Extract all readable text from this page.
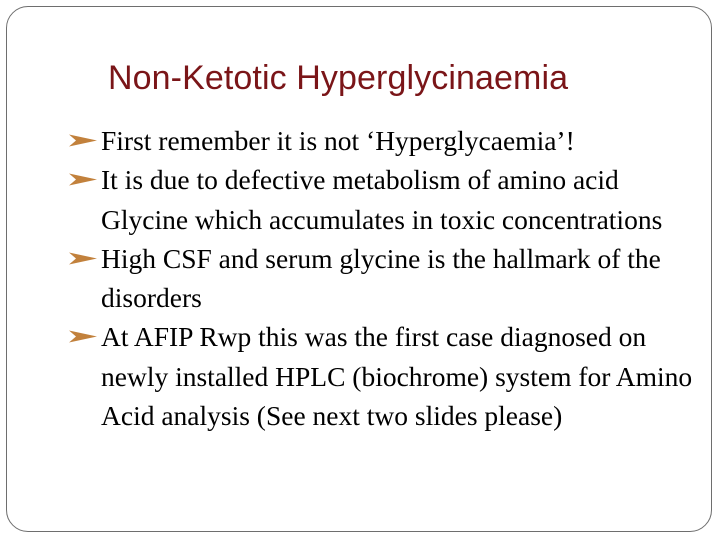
Non-Ketotic Hyperglycinaemia
First remember it is not ‘Hyperglycaemia’!
It is due to defective metabolism of amino acid Glycine which accumulates in toxic concentrations
High CSF and serum glycine is the hallmark of the disorders
At AFIP Rwp this was the first case diagnosed on newly installed HPLC (biochrome) system for Amino Acid analysis (See next two slides please)
